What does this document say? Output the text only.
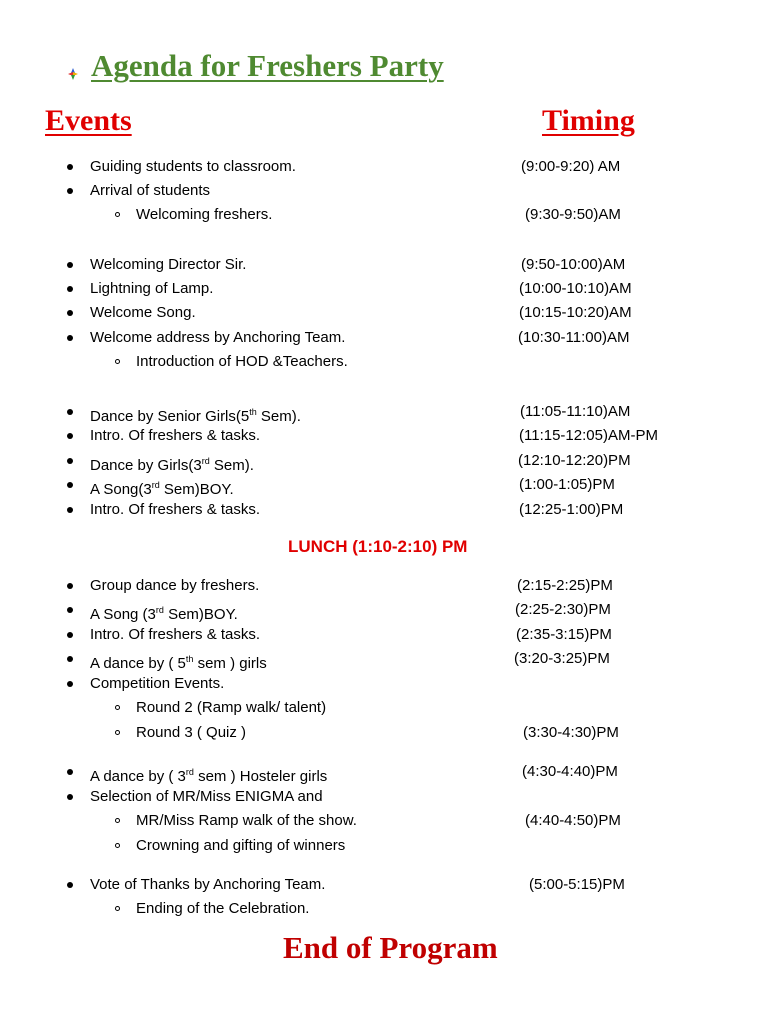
Agenda for Freshers Party
Events	Timing
Guiding students to classroom.	(9:00-9:20) AM
Arrival of students
Welcoming freshers.	(9:30-9:50)AM
Welcoming Director Sir.	(9:50-10:00)AM
Lightning of Lamp.	(10:00-10:10)AM
Welcome Song.	(10:15-10:20)AM
Welcome address by Anchoring Team.	(10:30-11:00)AM
Introduction of HOD &Teachers.
Dance by Senior Girls(5th Sem).	(11:05-11:10)AM
Intro. Of freshers & tasks.	(11:15-12:05)AM-PM
Dance by Girls(3rd Sem).	(12:10-12:20)PM
A Song(3rd Sem)BOY.	(1:00-1:05)PM
Intro. Of freshers & tasks.	(12:25-1:00)PM
Group dance by freshers.	(2:15-2:25)PM
A Song (3rd Sem)BOY.	(2:25-2:30)PM
Intro. Of freshers & tasks.	(2:35-3:15)PM
A dance by ( 5th sem ) girls	(3:20-3:25)PM
Competition Events.
Round 2 (Ramp walk/ talent)
Round 3 ( Quiz )	(3:30-4:30)PM
A dance by ( 3rd sem ) Hosteler girls	(4:30-4:40)PM
Selection of MR/Miss ENIGMA and
MR/Miss Ramp walk of the show.	(4:40-4:50)PM
Crowning and gifting of winners
Vote of Thanks by Anchoring Team.	(5:00-5:15)PM
Ending of the Celebration.
LUNCH (1:10-2:10) PM
End of Program
